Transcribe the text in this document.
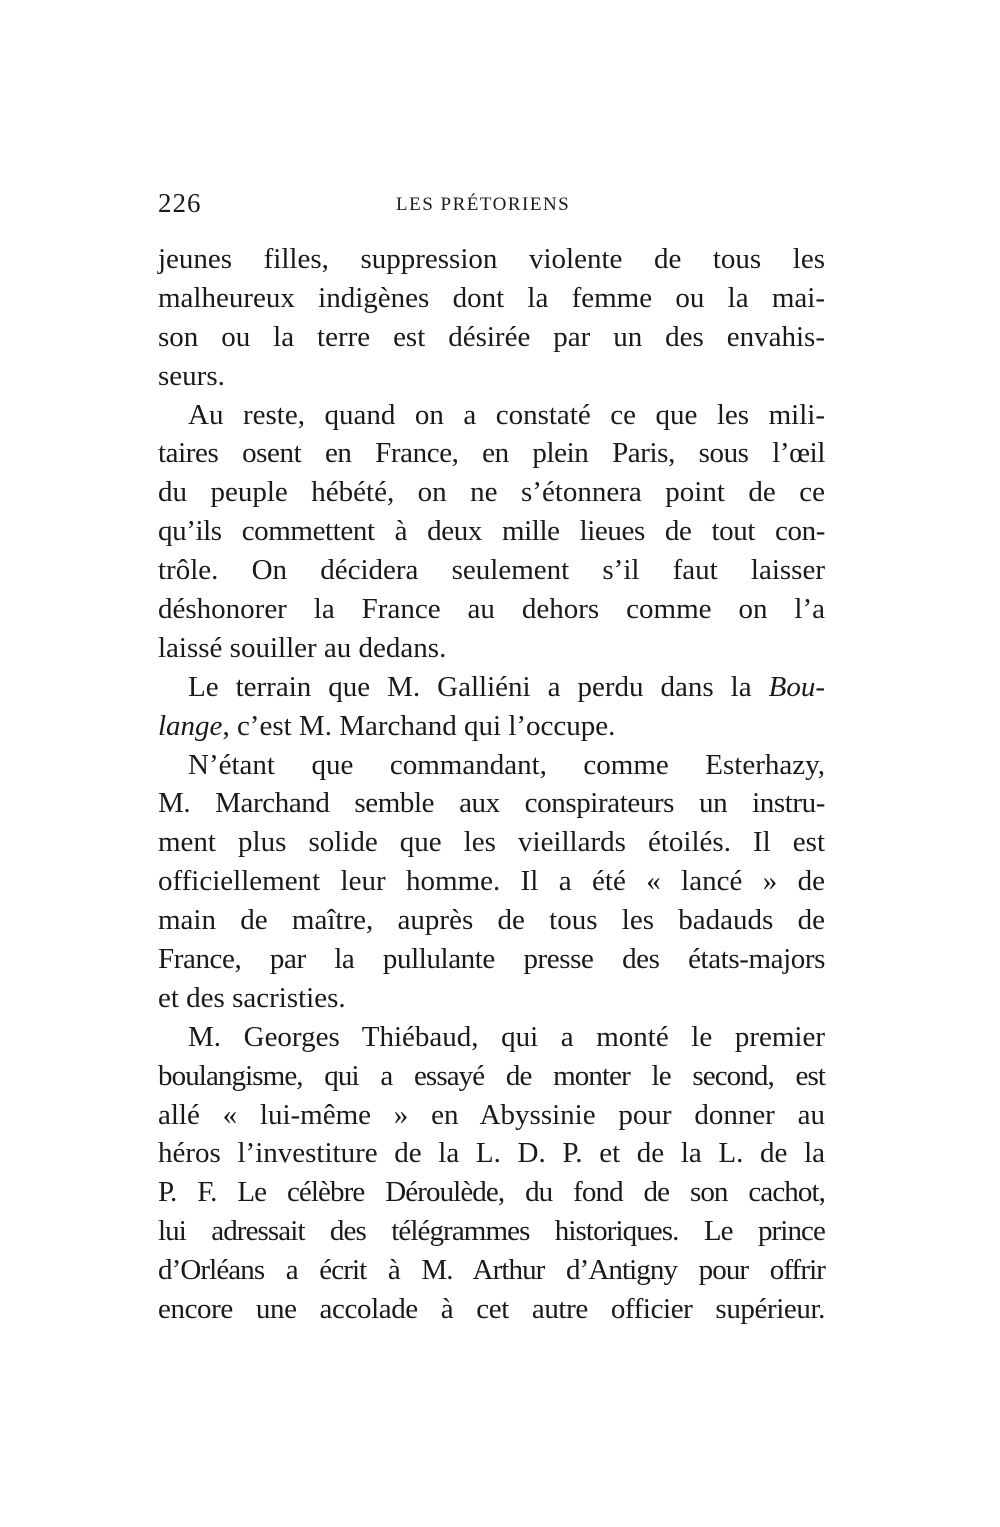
226	LES PRÉTORIENS
jeunes filles, suppression violente de tous les
malheureux indigènes dont la femme ou la mai-
son ou la terre est désirée par un des envahis-
seurs.
Au reste, quand on a constaté ce que les mili-
taires osent en France, en plein Paris, sous l’œil
du peuple hébété, on ne s’étonnera point de ce
qu’ils commettent à deux mille lieues de tout con-
trôle. On décidera seulement s’il faut laisser
déshonorer la France au dehors comme on l’a
laissé souiller au dedans.
Le terrain que M. Galliéni a perdu dans la Bou-
lange, c’est M. Marchand qui l’occupe.
N’étant que commandant, comme Esterhazy,
M. Marchand semble aux conspirateurs un instru-
ment plus solide que les vieillards étoilés. Il est
officiellement leur homme. Il a été « lancé » de
main de maître, auprès de tous les badauds de
France, par la pullulante presse des états-majors
et des sacristies.
M. Georges Thiébaud, qui a monté le premier
boulangisme, qui a essayé de monter le second, est
allé « lui-même » en Abyssinie pour donner au
héros l’investiture de la L. D. P. et de la L. de la
P. F. Le célèbre Déroulède, du fond de son cachot,
lui adressait des télégrammes historiques. Le prince
d’Orléans a écrit à M. Arthur d’Antigny pour offrir
encore une accolade à cet autre officier supérieur.
